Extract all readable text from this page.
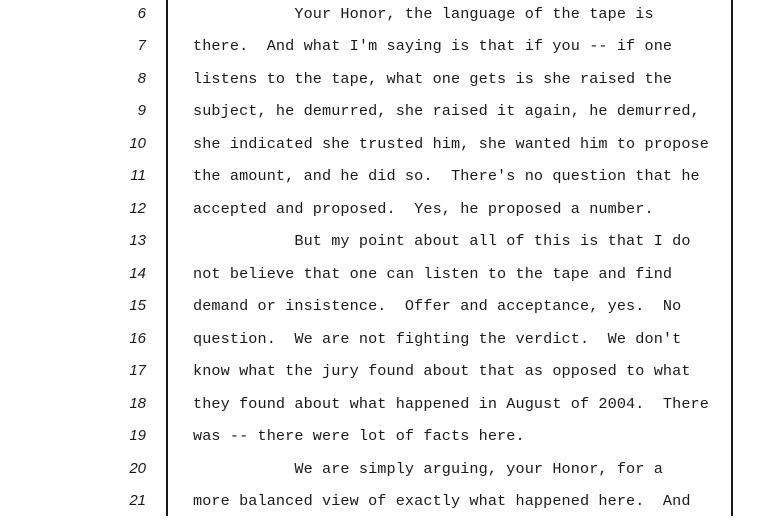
6	Your Honor, the language of the tape is
7	there.  And what I'm saying is that if you -- if one
8	listens to the tape, what one gets is she raised the
9	subject, he demurred, she raised it again, he demurred,
10	she indicated she trusted him, she wanted him to propose
11	the amount, and he did so.  There's no question that he
12	accepted and proposed.  Yes, he proposed a number.
13	But my point about all of this is that I do
14	not believe that one can listen to the tape and find
15	demand or insistence.  Offer and acceptance, yes.  No
16	question.  We are not fighting the verdict.  We don't
17	know what the jury found about that as opposed to what
18	they found about what happened in August of 2004.  There
19	was -- there were lot of facts here.
20	We are simply arguing, your Honor, for a
21	more balanced view of exactly what happened here.  And
